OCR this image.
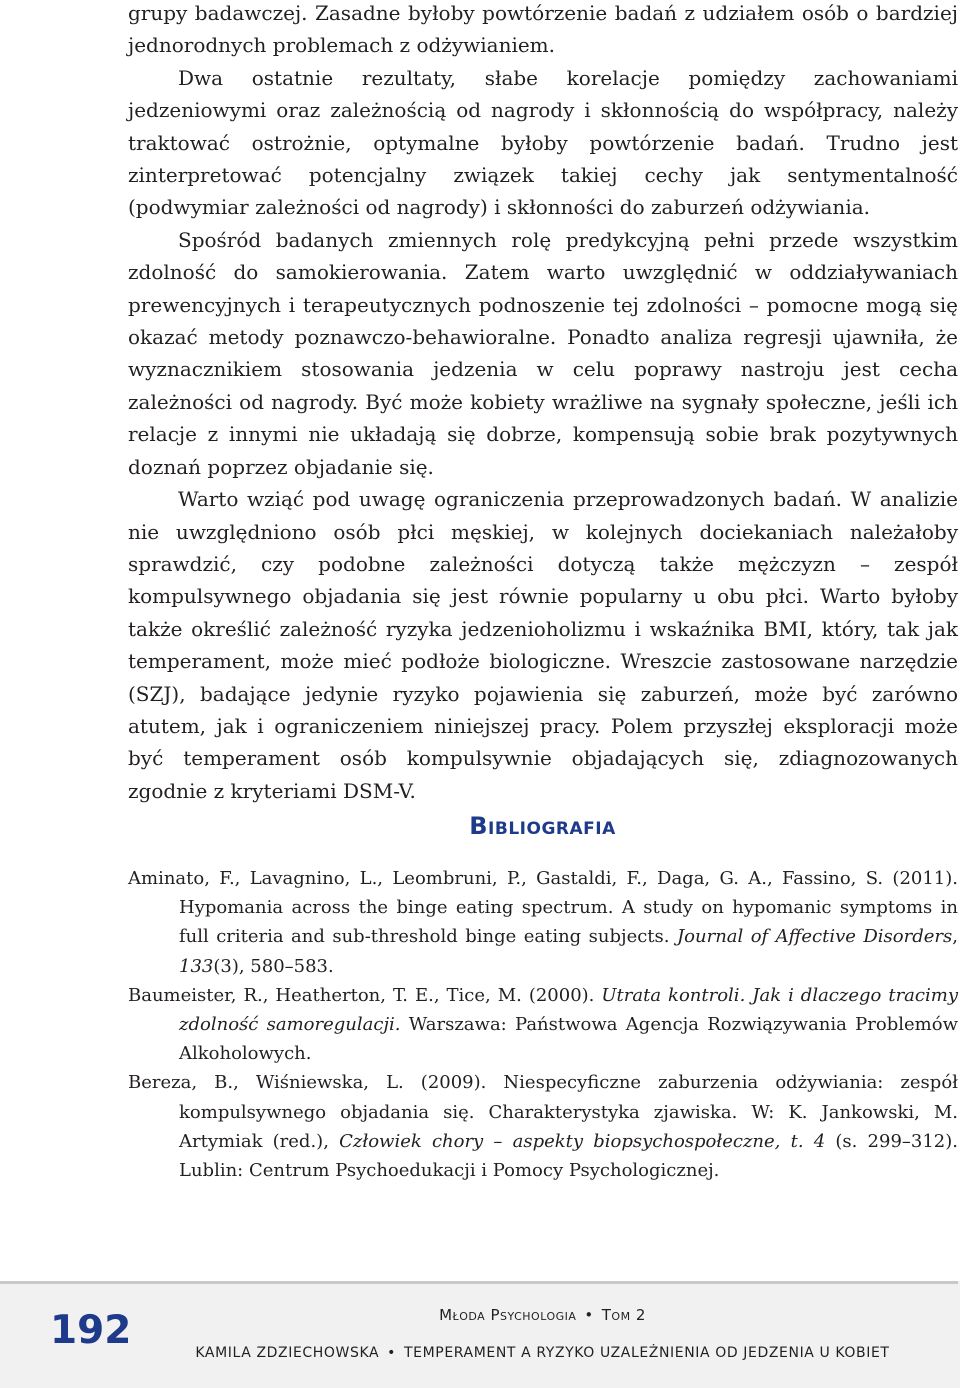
grupy badawczej. Zasadne byłoby powtórzenie badań z udziałem osób o bardziej jednorodnych problemach z odżywianiem.

Dwa ostatnie rezultaty, słabe korelacje pomiędzy zachowaniami jedzeniowymi oraz zależnością od nagrody i skłonnością do współpracy, należy traktować ostrożnie, optymalne byłoby powtórzenie badań. Trudno jest zinterpretować potencjalny związek takiej cechy jak sentymentalność (podwymiar zależności od nagrody) i skłonności do zaburzeń odżywiania.

Spośród badanych zmiennych rolę predykcyjną pełni przede wszystkim zdolność do samokierowania. Zatem warto uwzględnić w oddziaływaniach prewencyjnych i terapeutycznych podnoszenie tej zdolności – pomocne mogą się okazać metody poznawczo-behawioralne. Ponadto analiza regresji ujawniła, że wyznacznikiem stosowania jedzenia w celu poprawy nastroju jest cecha zależności od nagrody. Być może kobiety wrażliwe na sygnały społeczne, jeśli ich relacje z innymi nie układają się dobrze, kompensują sobie brak pozytywnych doznań poprzez objadanie się.

Warto wziąć pod uwagę ograniczenia przeprowadzonych badań. W analizie nie uwzględniono osób płci męskiej, w kolejnych dociekaniach należałoby sprawdzić, czy podobne zależności dotyczą także mężczyzn – zespół kompulsywnego objadania się jest równie popularny u obu płci. Warto byłoby także określić zależność ryzyka jedzenioholizmu i wskaźnika BMI, który, tak jak temperament, może mieć podłoże biologiczne. Wreszcie zastosowane narzędzie (SZJ), badające jedynie ryzyko pojawienia się zaburzeń, może być zarówno atutem, jak i ograniczeniem niniejszej pracy. Polem przyszłej eksploracji może być temperament osób kompulsywnie objadających się, zdiagnozowanych zgodnie z kryteriami DSM-V.

BIBLIOGRAFIA

Aminato, F., Lavagnino, L., Leombruni, P., Gastaldi, F., Daga, G. A., Fassino, S. (2011). Hypomania across the binge eating spectrum. A study on hypomanic symptoms in full criteria and sub-threshold binge eating subjects. Journal of Affective Disorders, 133(3), 580–583.

Baumeister, R., Heatherton, T. E., Tice, M. (2000). Utrata kontroli. Jak i dlaczego tracimy zdolność samoregulacji. Warszawa: Państwowa Agencja Rozwiązywania Problemów Alkoholowych.

Bereza, B., Wiśniewska, L. (2009). Niespecyficzne zaburzenia odżywiania: zespół kompulsywnego objadania się. Charakterystyka zjawiska. W: K. Jankowski, M. Artymiak (red.), Człowiek chory – aspekty biopsychospołeczne, t. 4 (s. 299–312). Lublin: Centrum Psychoedukacji i Pomocy Psychologicznej.

192	Młoda Psychologia • Tom 2
KAMILA ZDZIECHOWSKA • TEMPERAMENT A RYZYKO UZALEŻNIENIA OD JEDZENIA U KOBIET
